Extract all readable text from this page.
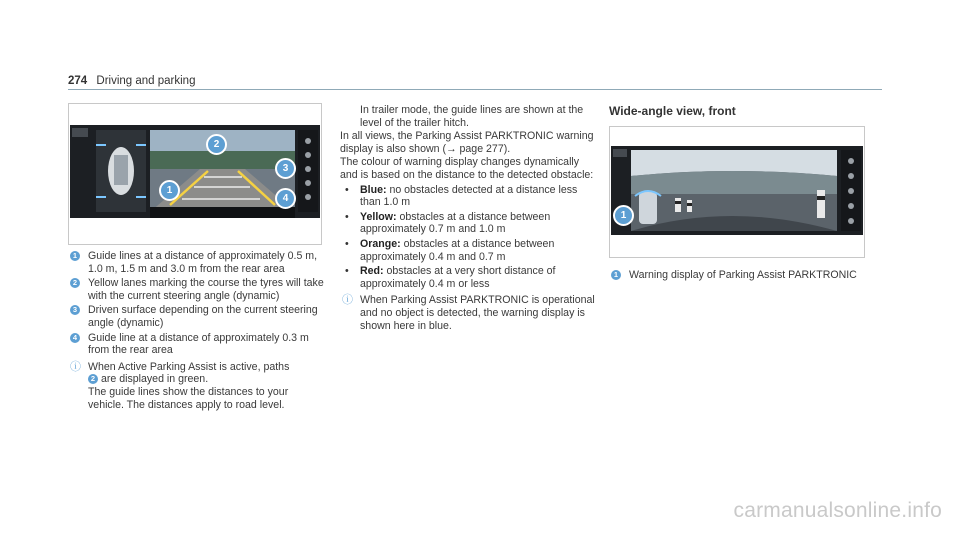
274 Driving and parking
1
2
3
4
1 Guide lines at a distance of approximately 0.5 m, 1.0 m, 1.5 m and 3.0 m from the rear area
2 Yellow lanes marking the course the tyres will take with the current steering angle (dynamic)
3 Driven surface depending on the current steering angle (dynamic)
4 Guide line at a distance of approximately 0.3 m from the rear area
ⓘ When Active Parking Assist is active, paths
2 are displayed in green.
The guide lines show the distances to your vehicle. The distances apply to road level.
In trailer mode, the guide lines are shown at the level of the trailer hitch.
In all views, the Parking Assist PARKTRONIC warning display is also shown (→ page 277).
The colour of warning display changes dynamically and is based on the distance to the detected obstacle:
• Blue: no obstacles detected at a distance less than 1.0 m
• Yellow: obstacles at a distance between approximately 0.7 m and 1.0 m
• Orange: obstacles at a distance between approximately 0.4 m and 0.7 m
• Red: obstacles at a very short distance of approximately 0.4 m or less
ⓘ When Parking Assist PARKTRONIC is operational and no object is detected, the warning display is shown here in blue.
Wide-angle view, front
1
1 Warning display of Parking Assist PARKTRONIC
carmanualsonline.info
